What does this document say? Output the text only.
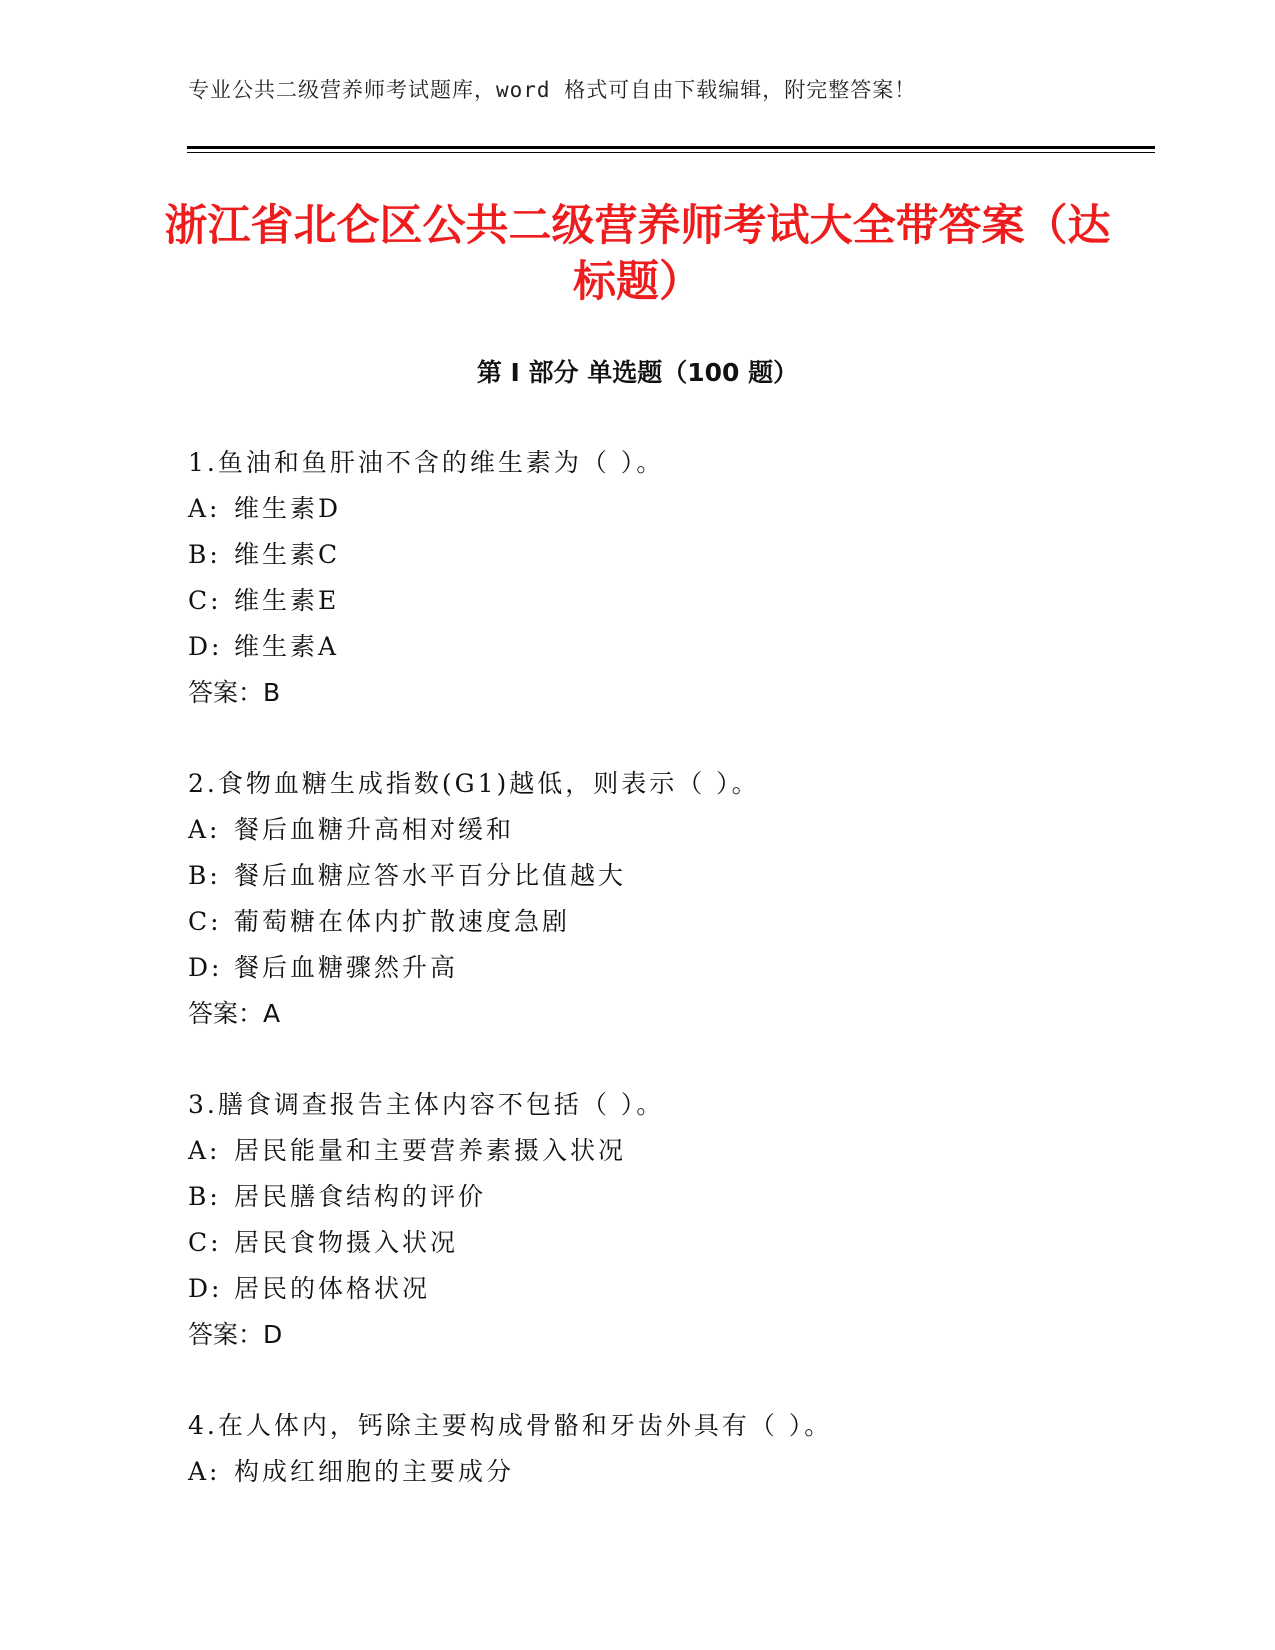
专业公共二级营养师考试题库，word 格式可自由下载编辑，附完整答案！
浙江省北仑区公共二级营养师考试大全带答案（达标题）
第 I 部分 单选题（100 题）
1.鱼油和鱼肝油不含的维生素为（ ）。
A: 维生素D
B: 维生素C
C: 维生素E
D: 维生素A
答案：B
2.食物血糖生成指数(G1)越低，则表示（ ）。
A: 餐后血糖升高相对缓和
B: 餐后血糖应答水平百分比值越大
C: 葡萄糖在体内扩散速度急剧
D: 餐后血糖骤然升高
答案：A
3.膳食调查报告主体内容不包括（ ）。
A: 居民能量和主要营养素摄入状况
B: 居民膳食结构的评价
C: 居民食物摄入状况
D: 居民的体格状况
答案：D
4.在人体内，钙除主要构成骨骼和牙齿外具有（ ）。
A: 构成红细胞的主要成分
